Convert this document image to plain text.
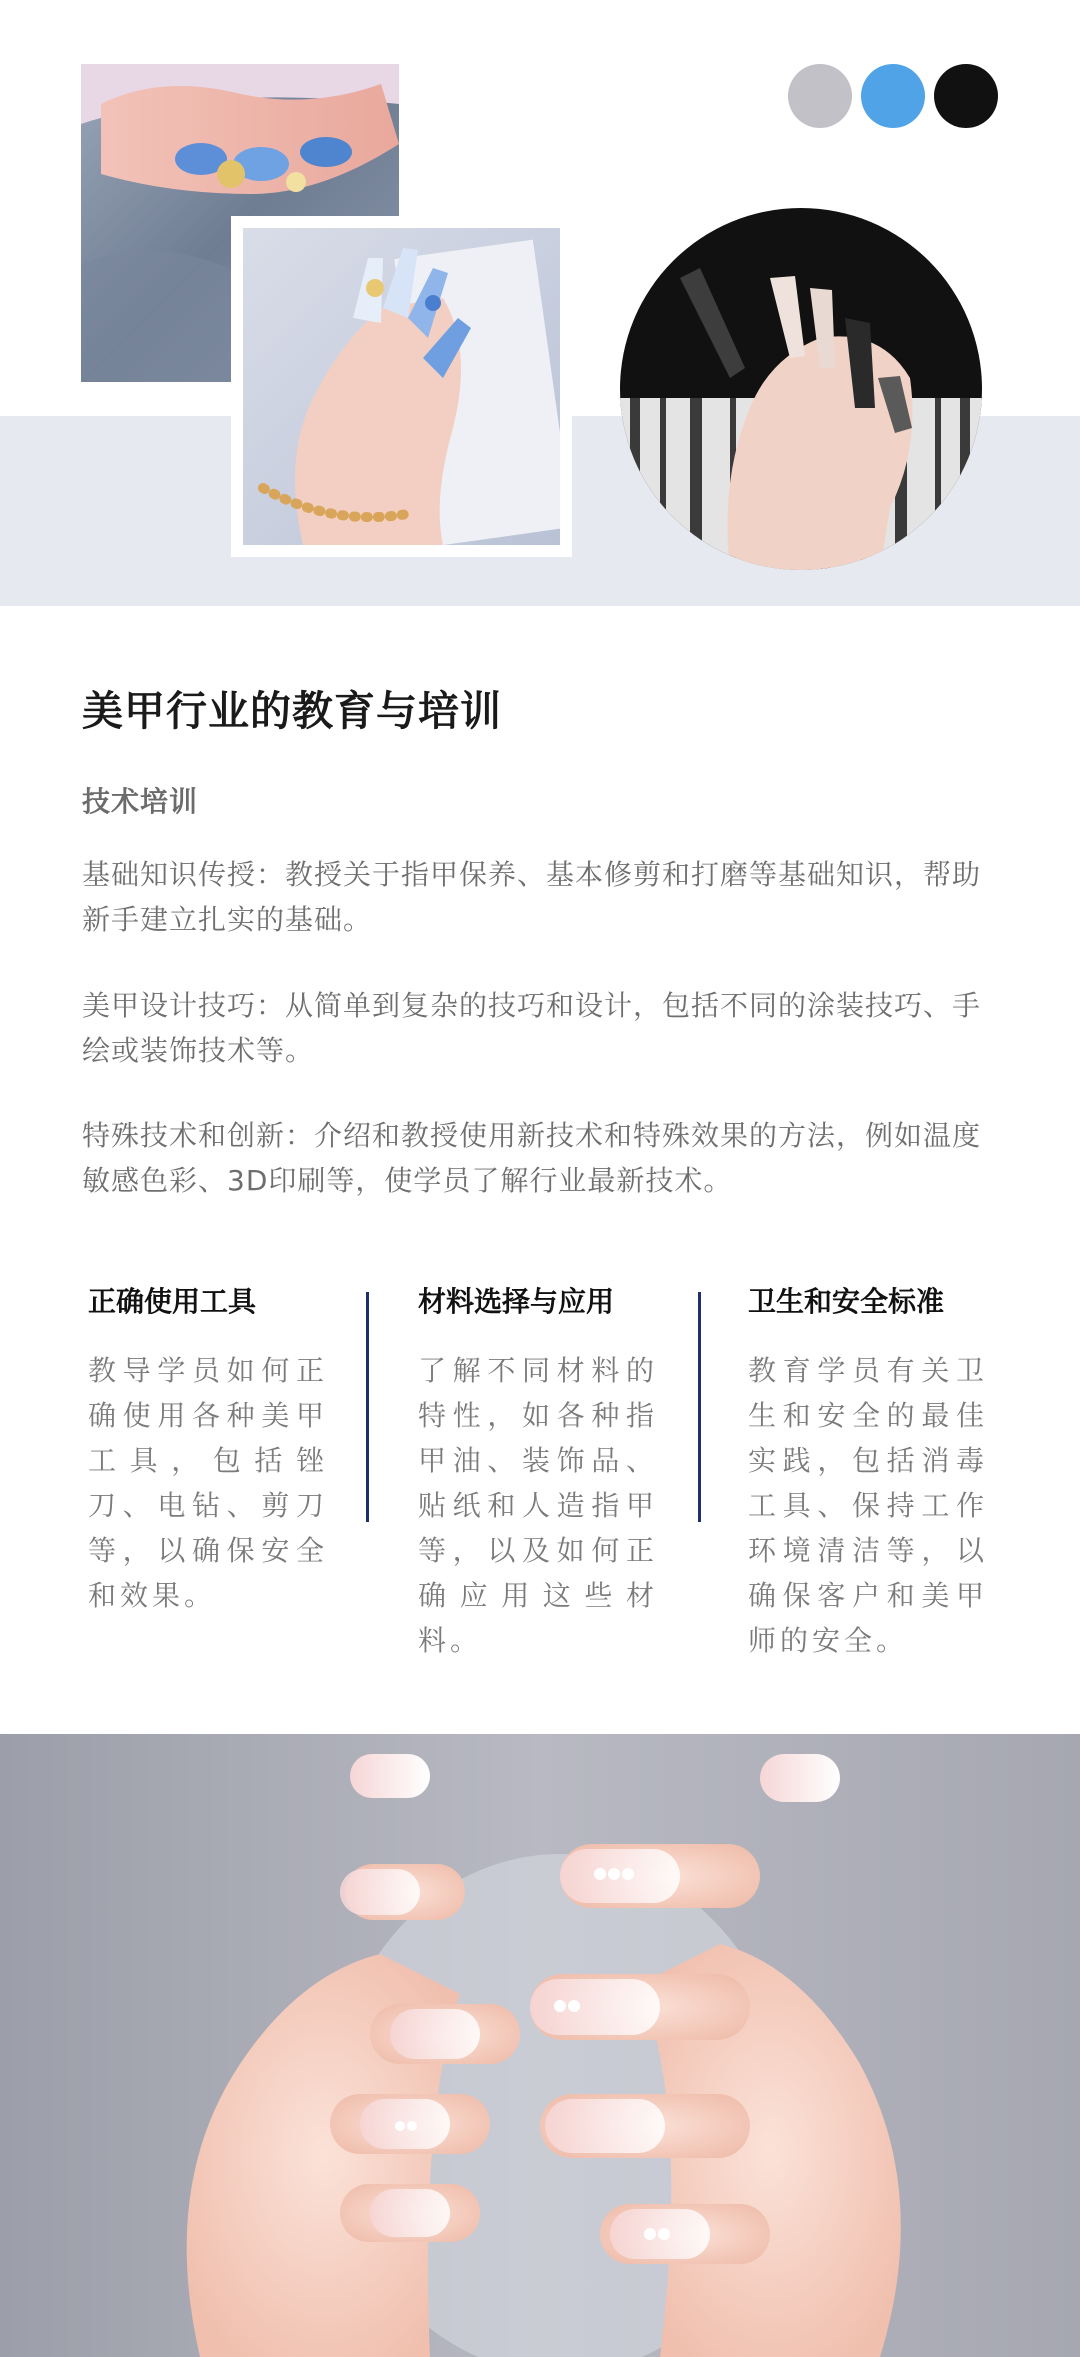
美甲行业的教育与培训
技术培训

基础知识传授：教授关于指甲保养、基本修剪和打磨等基础知识，帮助新手建立扎实的基础。

美甲设计技巧：从简单到复杂的技巧和设计，包括不同的涂装技巧、手绘或装饰技术等。

特殊技术和创新：介绍和教授使用新技术和特殊效果的方法，例如温度敏感色彩、3D印刷等，使学员了解行业最新技术。

正确使用工具

教导学员如何正确使用各种美甲工具，包括锉刀、电钻、剪刀等，以确保安全和效果。

材料选择与应用

了解不同材料的特性，如各种指甲油、装饰品、贴纸和人造指甲等，以及如何正确应用这些材料。

卫生和安全标准

教育学员有关卫生和安全的最佳实践，包括消毒工具、保持工作环境清洁等，以确保客户和美甲师的安全。
